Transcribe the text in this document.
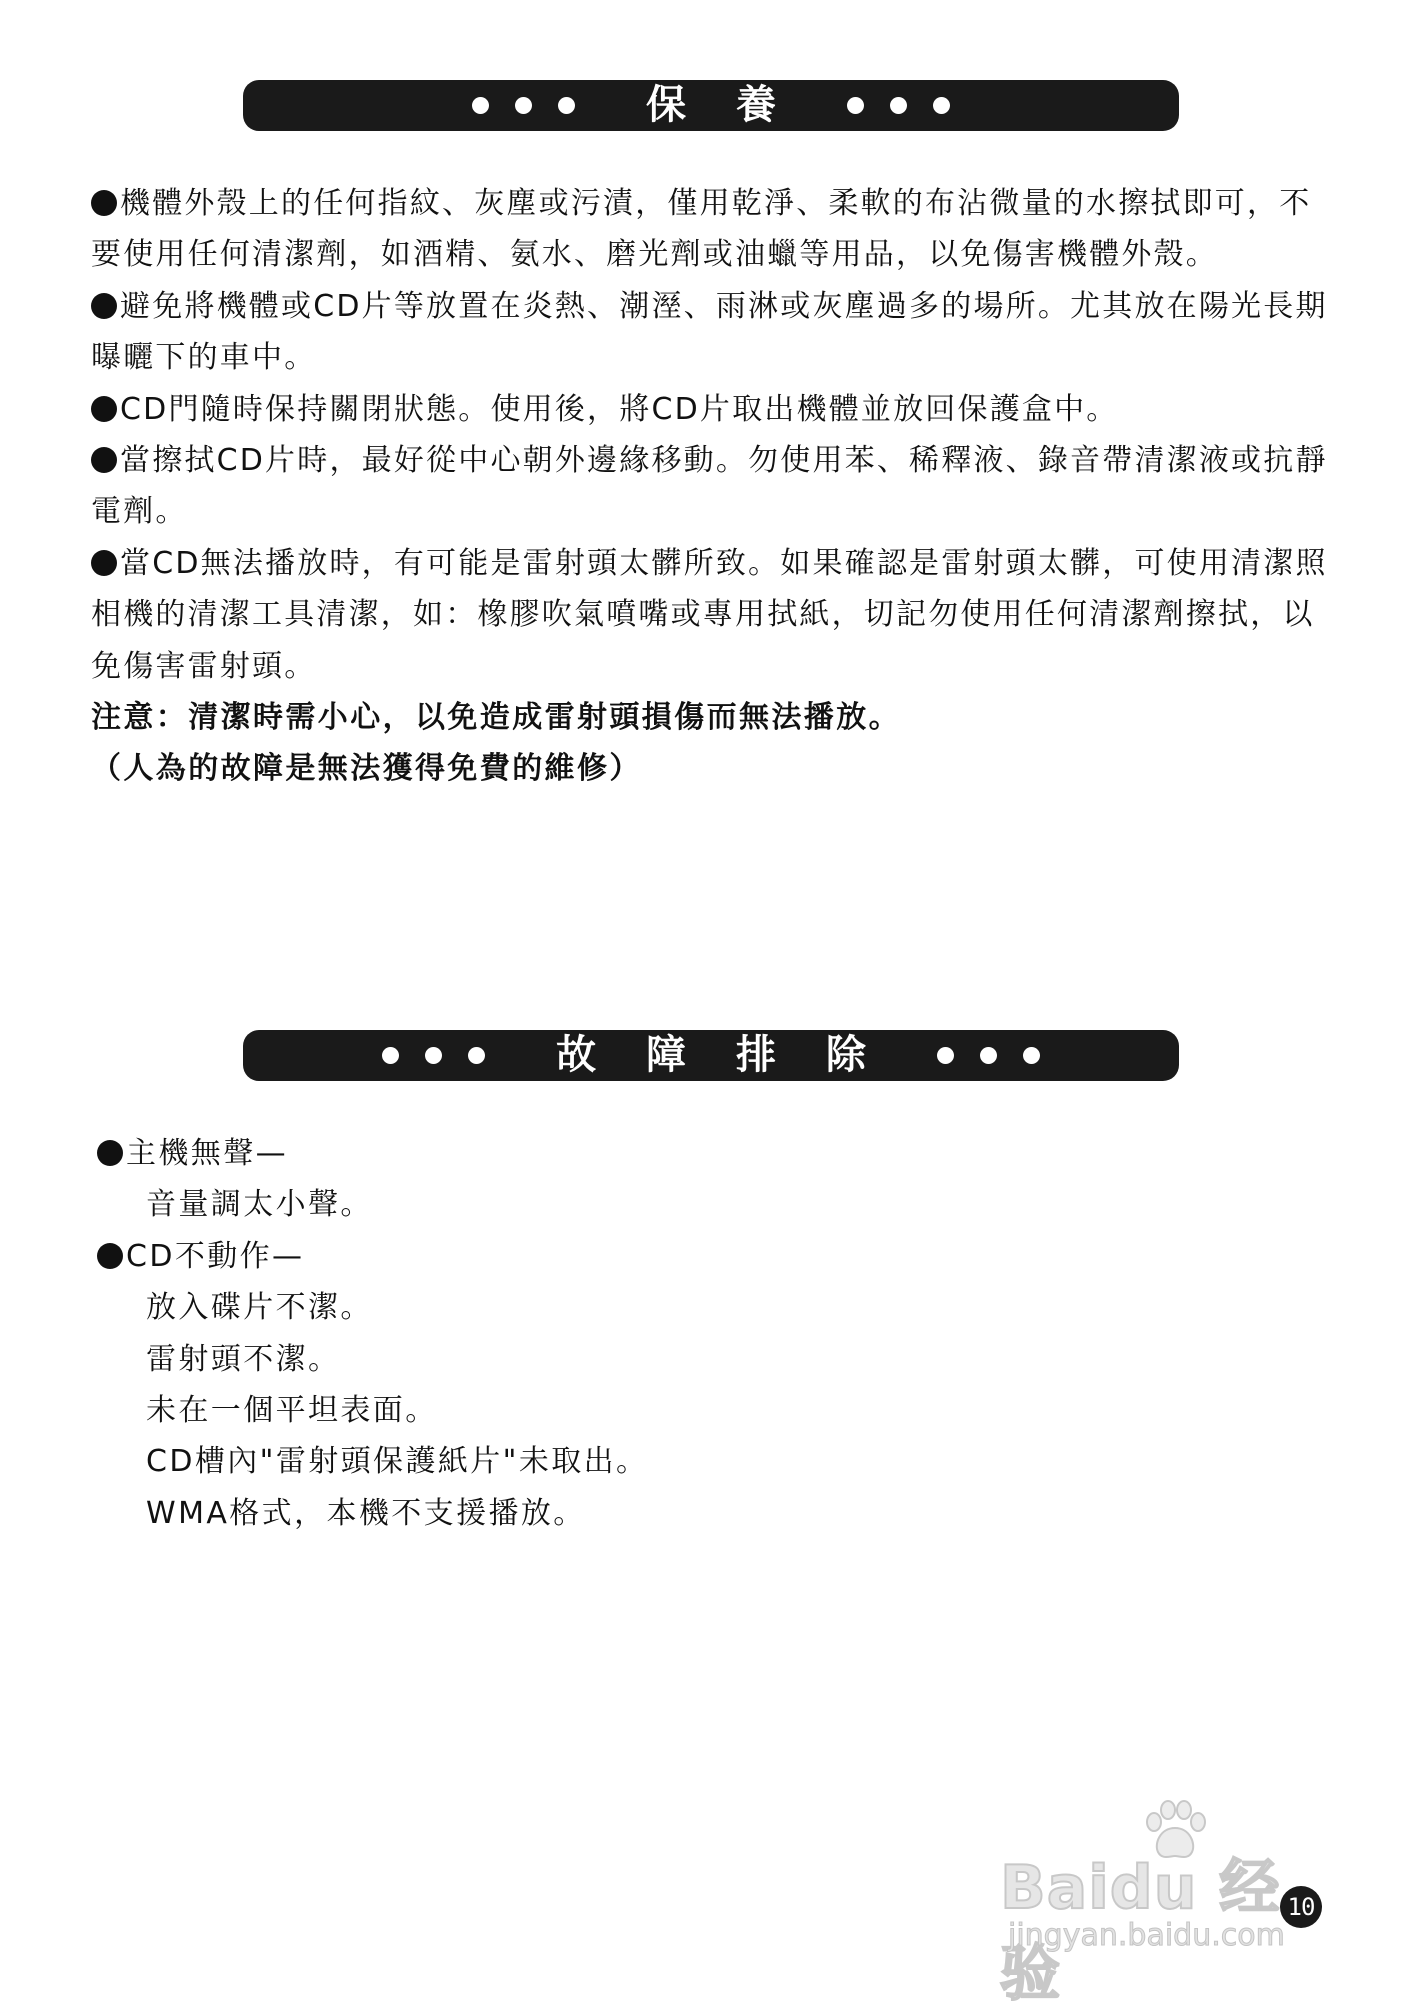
保 養

機體外殼上的任何指紋、灰塵或污漬，僅用乾淨、柔軟的布沾微量的水擦拭即可，不要使用任何清潔劑，如酒精、氨水、磨光劑或油蠟等用品，以免傷害機體外殼。

避免將機體或CD片等放置在炎熱、潮溼、雨淋或灰塵過多的場所。尤其放在陽光長期曝曬下的車中。

CD門隨時保持關閉狀態。使用後，將CD片取出機體並放回保護盒中。

當擦拭CD片時，最好從中心朝外邊緣移動。勿使用苯、稀釋液、錄音帶清潔液或抗靜電劑。

當CD無法播放時，有可能是雷射頭太髒所致。如果確認是雷射頭太髒，可使用清潔照相機的清潔工具清潔，如：橡膠吹氣噴嘴或專用拭紙，切記勿使用任何清潔劑擦拭，以免傷害雷射頭。

注意：清潔時需小心，以免造成雷射頭損傷而無法播放。

（人為的故障是無法獲得免費的維修）

故 障 排 除

主機無聲—

音量調太小聲。

CD不動作—

放入碟片不潔。

雷射頭不潔。

未在一個平坦表面。

CD槽內"雷射頭保護紙片"未取出。

WMA格式，本機不支援播放。

Baidu 经验
jingyan.baidu.com
10
